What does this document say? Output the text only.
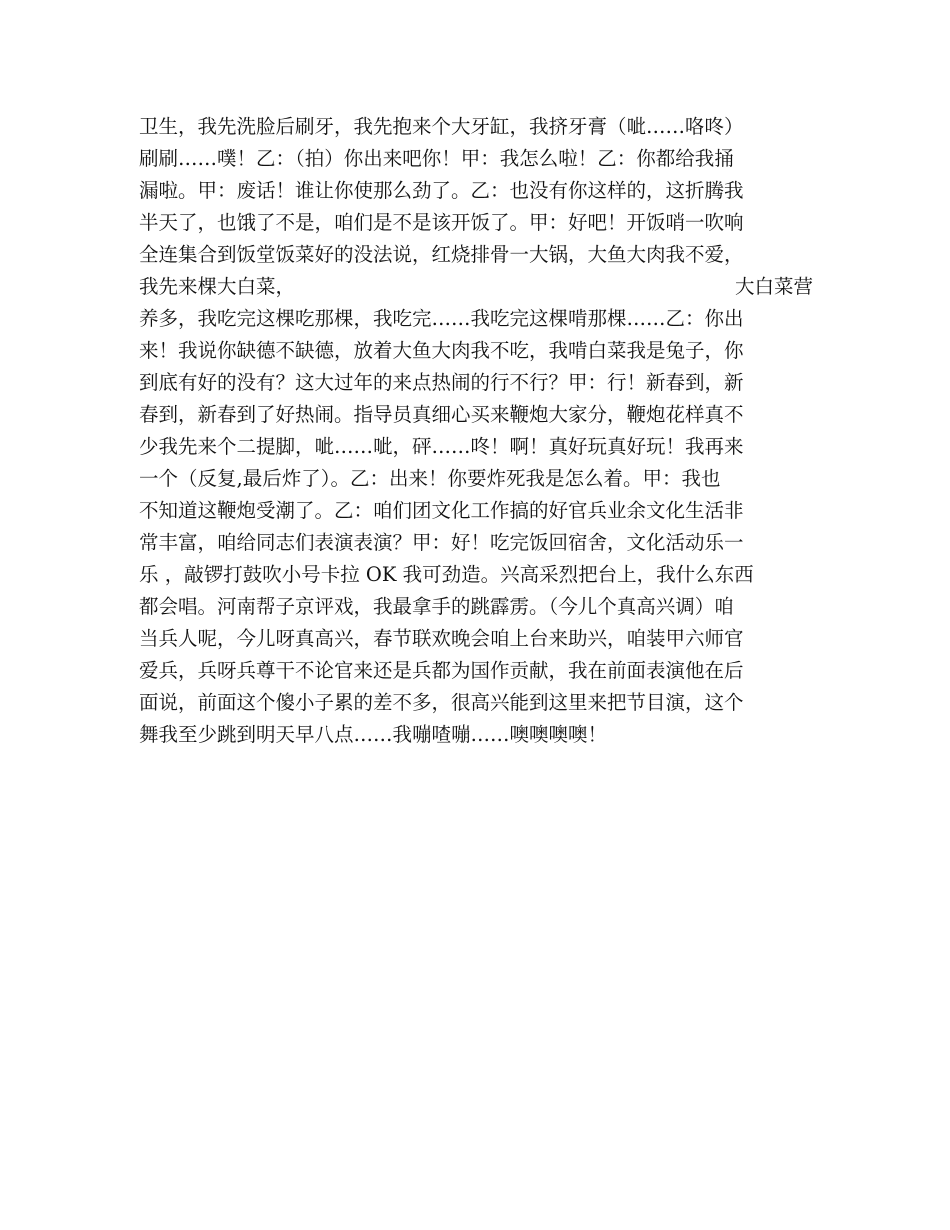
卫生，我先洗脸后刷牙，我先抱来个大牙缸，我挤牙膏（呲……咯咚）
刷刷……噗！乙：（拍）你出来吧你！甲：我怎么啦！乙：你都给我捅
漏啦。甲：废话！谁让你使那么劲了。乙：也没有你这样的，这折腾我
半天了，也饿了不是，咱们是不是该开饭了。甲：好吧！开饭哨一吹响
全连集合到饭堂饭菜好的没法说，红烧排骨一大锅，大鱼大肉我不爱，
我先来棵大白菜，	大白菜营
养多，我吃完这棵吃那棵，我吃完……我吃完这棵啃那棵……乙：你出
来！我说你缺德不缺德，放着大鱼大肉我不吃，我啃白菜我是兔子，你
到底有好的没有？这大过年的来点热闹的行不行？甲：行！新春到，新
春到，新春到了好热闹。指导员真细心买来鞭炮大家分，鞭炮花样真不
少我先来个二提脚，呲……呲，砰……咚！啊！真好玩真好玩！我再来
一个（反复,最后炸了）。乙：出来！你要炸死我是怎么着。甲：我也
不知道这鞭炮受潮了。乙：咱们团文化工作搞的好官兵业余文化生活非
常丰富，咱给同志们表演表演？甲：好！吃完饭回宿舍，文化活动乐一
乐 ，敲锣打鼓吹小号卡拉 OK 我可劲造。兴高采烈把台上，我什么东西
都会唱。河南帮子京评戏，我最拿手的跳霹雳。（今儿个真高兴调）咱
当兵人呢，今儿呀真高兴，春节联欢晚会咱上台来助兴，咱装甲六师官
爱兵，兵呀兵尊干不论官来还是兵都为国作贡献，我在前面表演他在后
面说，前面这个傻小子累的差不多，很高兴能到这里来把节目演，这个
舞我至少跳到明天早八点……我嘣喳嘣……噢噢噢噢！
